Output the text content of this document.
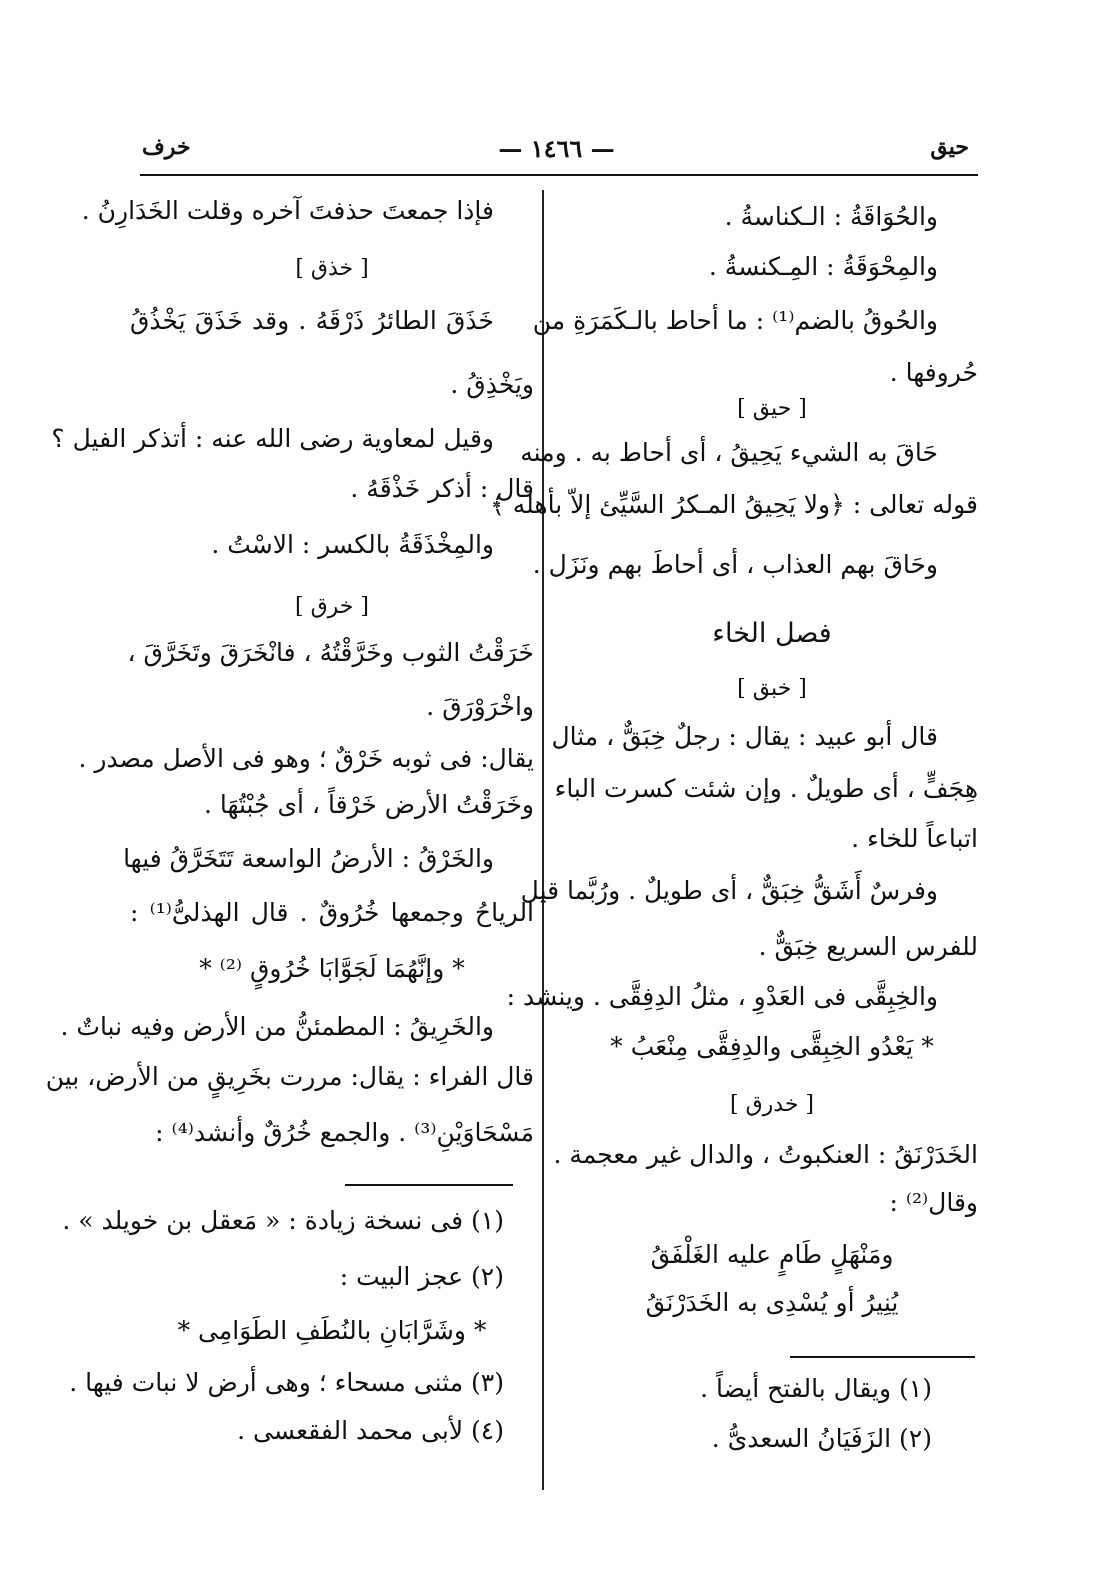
حيق
— ١٤٦٦ —
خرف
والحُوَاقَةُ : الـكناسةُ .
والمِحْوَقَةُ : المِـكنسةُ .
والحُوقُ بالضم⁽¹⁾ : ما أحاط بالـكَمَرَةِ من
حُروفها .
[ حيق ]
حَاقَ به الشيء يَحِيقُ ، أى أحاط به . ومنه
قوله تعالى : ﴿ولا يَحِيقُ المـكرُ السَّيِّئ إلاّ بأهله ﴾
وحَاقَ بهم العذاب ، أى أحاطَ بهم ونَزَل .
فصل الخاء
[ خبق ]
قال أبو عبيد : يقال : رجلٌ خِبَقٌّ ، مثال
هِجَفٍّ ، أى طويلٌ . وإن شئت كسرت الباء
اتباعاً للخاء .
وفرسٌ أَشَقُّ خِبَقٌّ ، أى طويلٌ . ورُبَّما قيل
للفرس السريع خِبَقٌّ .
والخِبِقَّى فى العَدْوِ ، مثلُ الدِفِقَّى . وينشد :
* يَعْدُو الخِبِقَّى والدِفِقَّى مِنْعَبُ *
[ خدرق ]
الخَدَرْنَقُ : العنكبوتُ ، والدال غير معجمة .
وقال⁽²⁾ :
ومَنْهَلٍ طَامٍ عليه الغَلْفَقُ
يُنِيرُ أو يُسْدِى به الخَدَرْنَقُ
(١) ويقال بالفتح أيضاً .
(٢) الزَفَيَانُ السعدىُّ .
فإذا جمعتَ حذفتَ آخره وقلت الخَدَارِنُ .
[ خذق ]
خَذَقَ الطائرُ ذَرْقَهُ . وقد خَذَقَ يَخْذُقُ
ويَخْذِقُ .
وقيل لمعاوية رضى الله عنه : أتذكر الفيل ؟
قال : أذكر خَذْقَهُ .
والمِخْذَقَةُ بالكسر : الاسْتُ .
[ خرق ]
خَرَقْتُ الثوب وخَرَّقْتُهُ ، فانْخَرَقَ وتَخَرَّقَ ،
واخْرَوْرَقَ .
يقال: فى ثوبه خَرْقٌ ؛ وهو فى الأصل مصدر .
وخَرَقْتُ الأرض خَرْقاً ، أى جُبْتُهَا .
والخَرْقُ : الأرضُ الواسعة تَتَخَرَّقُ فيها
الرياحُ وجمعها خُرُوقٌ . قال الهذلىُّ⁽¹⁾ :
* وإنَّهُمَا لَجَوَّابَا خُرُوقٍ ⁽²⁾ *
والخَرِيقُ : المطمئنُّ من الأرض وفيه نباتٌ .
قال الفراء : يقال: مررت بخَرِيقٍ من الأرض، بين
مَسْحَاوَيْنِ⁽³⁾ . والجمع خُرُقٌ وأنشد⁽⁴⁾ :
(١) فى نسخة زيادة : « مَعقل بن خويلد » .
(٢) عجز البيت :
* وشَرَّابَانِ بالنُطَفِ الطَوَامِى *
(٣) مثنى مسحاء ؛ وهى أرض لا نبات فيها .
(٤) لأبى محمد الفقعسى .
